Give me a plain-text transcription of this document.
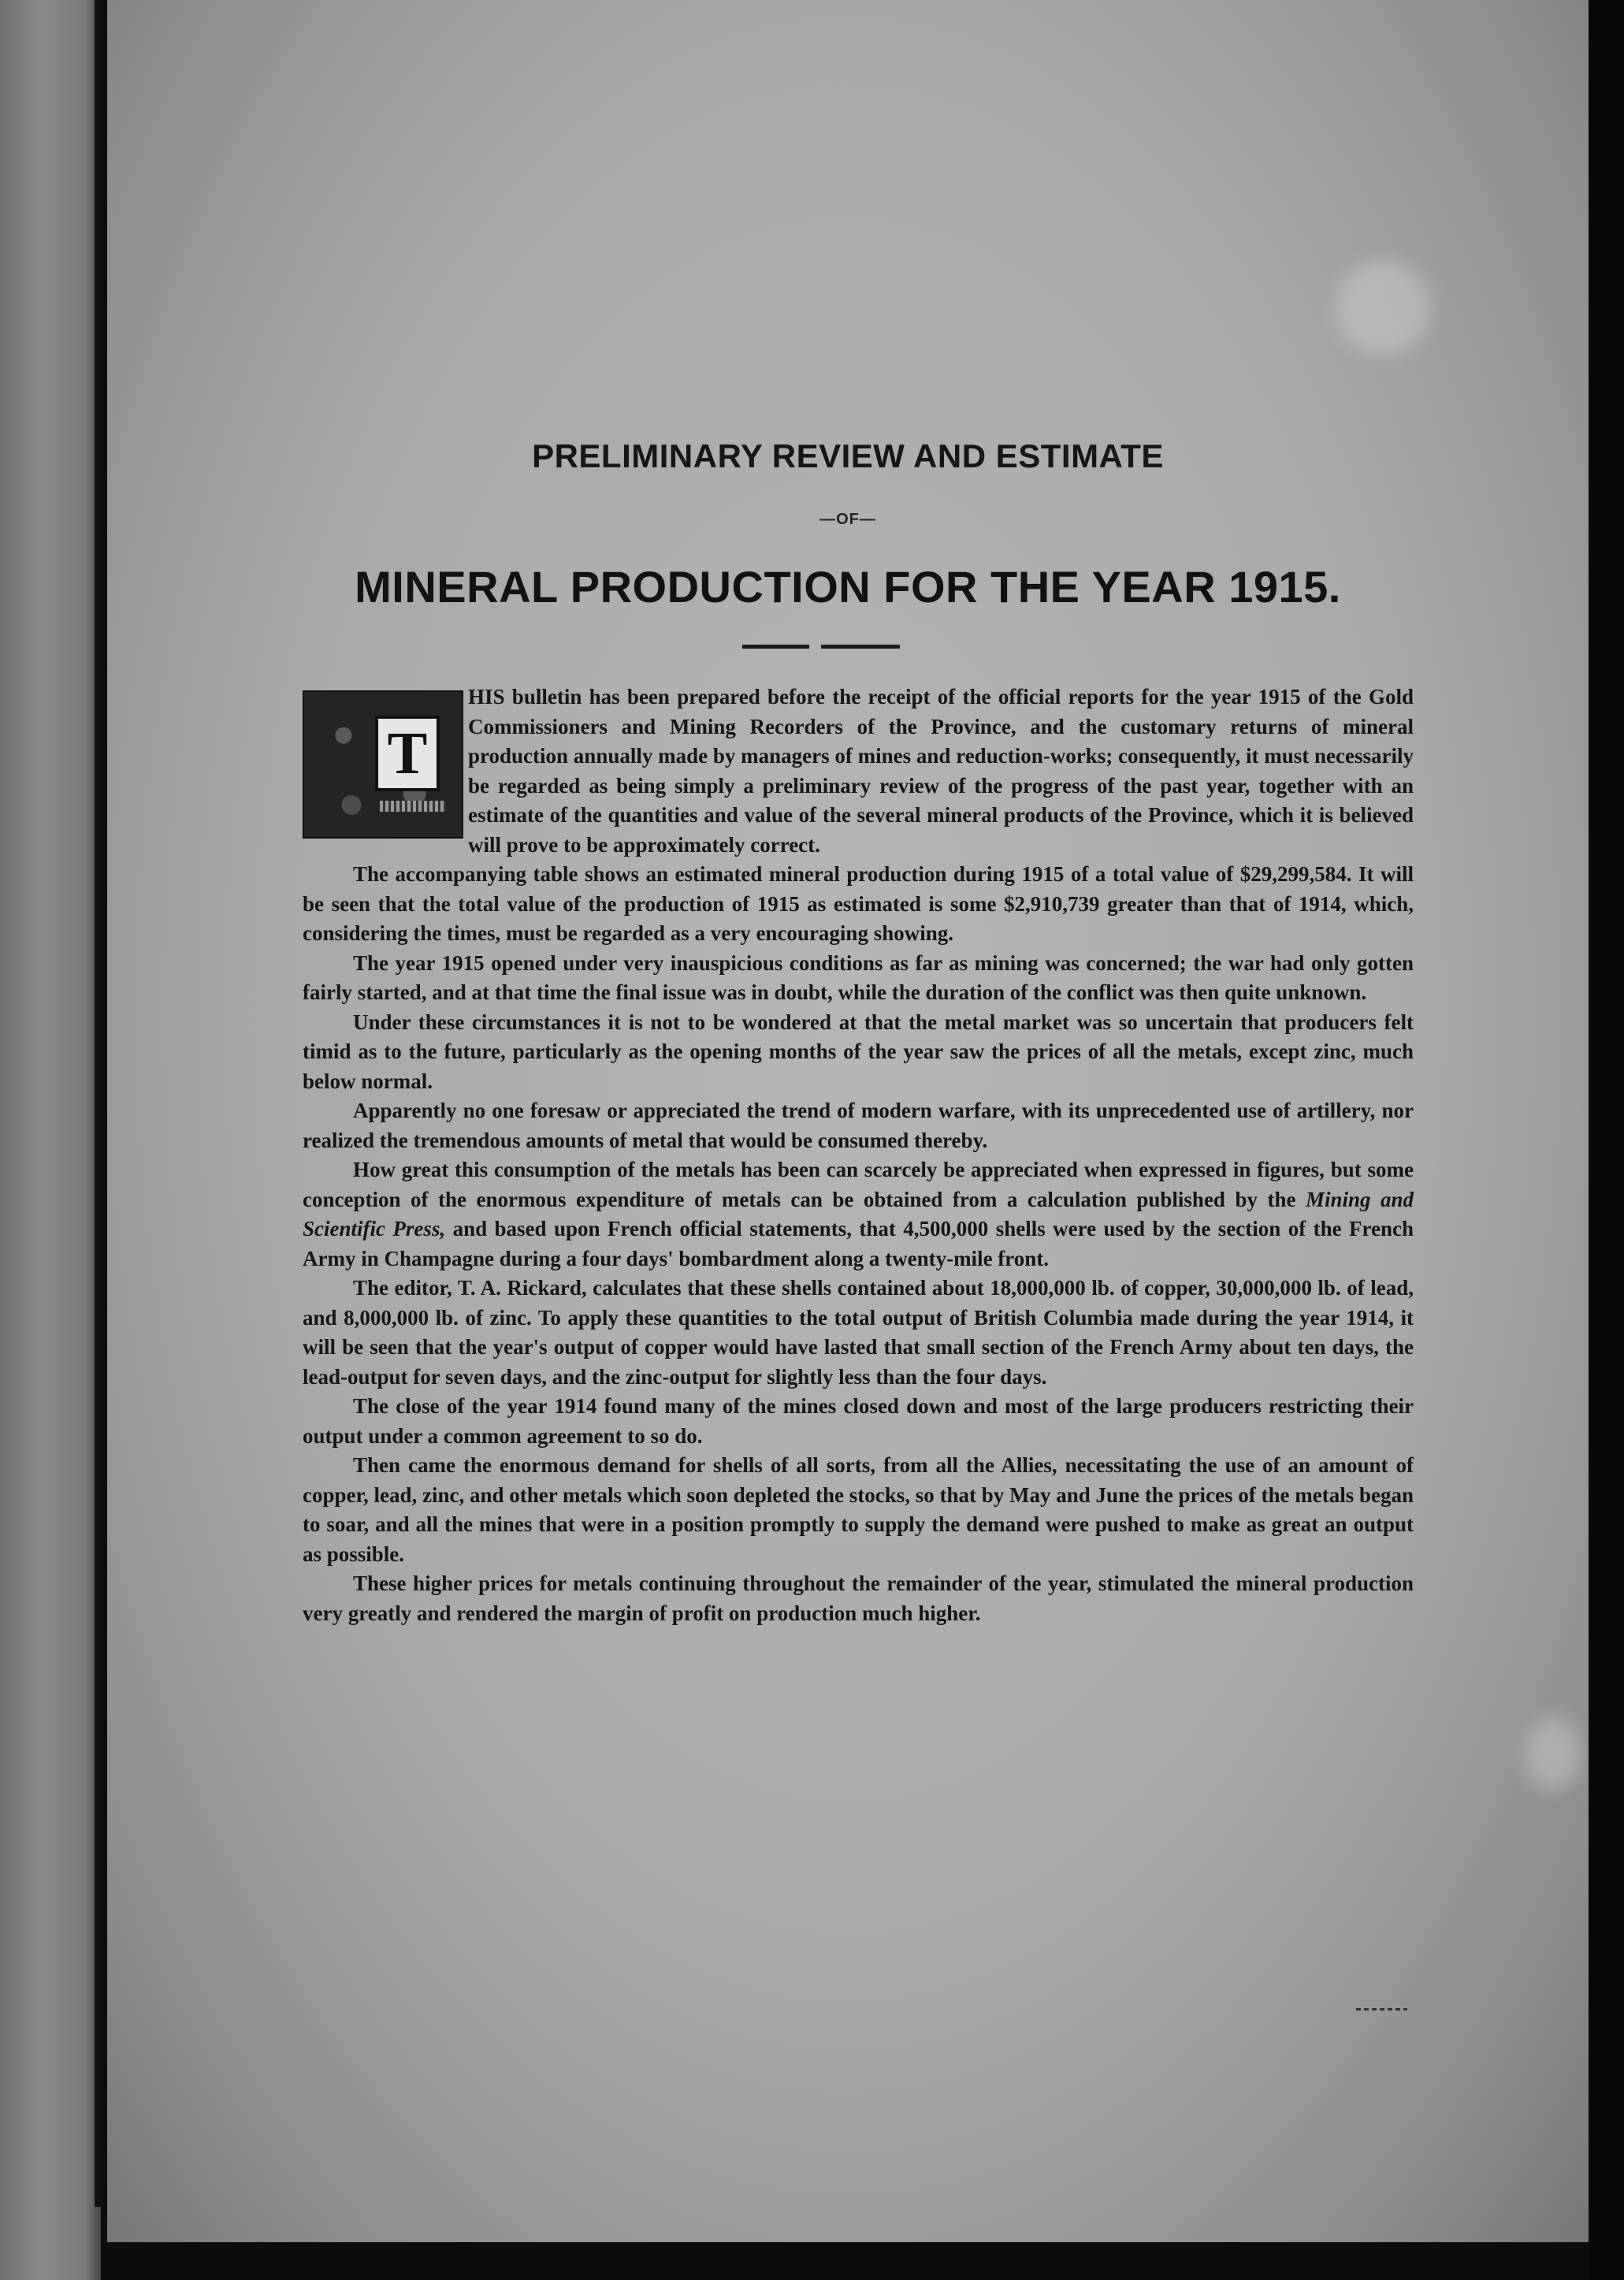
PRELIMINARY REVIEW AND ESTIMATE
—OF—
MINERAL PRODUCTION FOR THE YEAR 1915.

HIS bulletin has been prepared before the receipt of the official reports for the year 1915 of the Gold Commissioners and Mining Recorders of the Province, and the customary returns of mineral production annually made by managers of mines and reduction-works; consequently, it must necessarily be regarded as being simply a preliminary review of the progress of the past year, together with an estimate of the quantities and value of the several mineral products of the Province, which it is believed will prove to be approximately correct.

The accompanying table shows an estimated mineral production during 1915 of a total value of $29,299,584. It will be seen that the total value of the production of 1915 as estimated is some $2,910,739 greater than that of 1914, which, considering the times, must be regarded as a very encouraging showing.

The year 1915 opened under very inauspicious conditions as far as mining was concerned; the war had only gotten fairly started, and at that time the final issue was in doubt, while the duration of the conflict was then quite unknown.

Under these circumstances it is not to be wondered at that the metal market was so uncertain that producers felt timid as to the future, particularly as the opening months of the year saw the prices of all the metals, except zinc, much below normal.

Apparently no one foresaw or appreciated the trend of modern warfare, with its unprecedented use of artillery, nor realized the tremendous amounts of metal that would be consumed thereby.

How great this consumption of the metals has been can scarcely be appreciated when expressed in figures, but some conception of the enormous expenditure of metals can be obtained from a calculation published by the Mining and Scientific Press, and based upon French official statements, that 4,500,000 shells were used by the section of the French Army in Champagne during a four days' bombardment along a twenty-mile front.

The editor, T. A. Rickard, calculates that these shells contained about 18,000,000 lb. of copper, 30,000,000 lb. of lead, and 8,000,000 lb. of zinc. To apply these quantities to the total output of British Columbia made during the year 1914, it will be seen that the year's output of copper would have lasted that small section of the French Army about ten days, the lead-output for seven days, and the zinc-output for slightly less than the four days.

The close of the year 1914 found many of the mines closed down and most of the large producers restricting their output under a common agreement to so do.

Then came the enormous demand for shells of all sorts, from all the Allies, necessitating the use of an amount of copper, lead, zinc, and other metals which soon depleted the stocks, so that by May and June the prices of the metals began to soar, and all the mines that were in a position promptly to supply the demand were pushed to make as great an output as possible.

These higher prices for metals continuing throughout the remainder of the year, stimulated the mineral production very greatly and rendered the margin of profit on production much higher.

T
